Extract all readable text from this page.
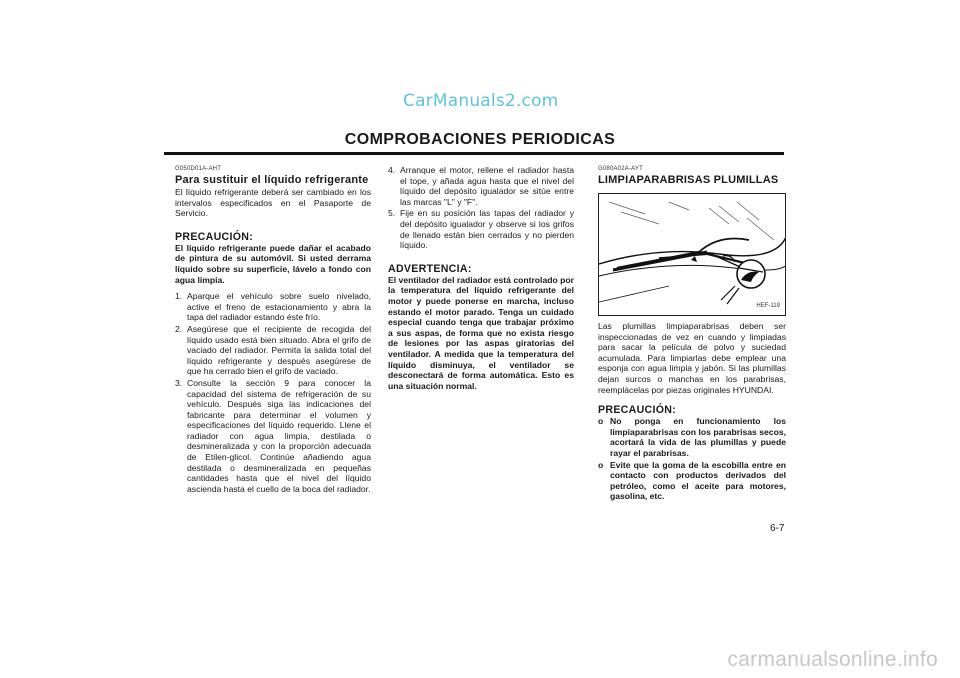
CarManuals2.com
COMPROBACIONES PERIODICAS
G050D01A-AHT
Para sustituir el líquido refrigerante
El líquido refrigerante deberá ser cambiado en los intervalos especificados en el Pasaporte de Servicio.
PRECAUCIÓN:
El líquido refrigerante puede dañar el acabado de pintura de su automóvil. Si usted derrama líquido sobre su superficie, lávelo a fondo con agua limpia.
1. Aparque el vehículo sobre suelo nivelado, active el freno de estacionamiento y abra la tapa del radiador estando éste frío.
2. Asegúrese que el recipiente de recogida del líquido usado está bien situado. Abra el grifo de vaciado del radiador. Permita la salida total del líquido refrigerante y después asegúrese de que ha cerrado bien el grifo de vaciado.
3. Consulte la sección 9 para conocer la capacidad del sistema de refrigeración de su vehículo. Después siga las indicaciones del fabricante para determinar el volumen y especificaciones del líquido requerido. Llene el radiador con agua limpia, destilada o desmineralizada y con la proporción adecuada de Etilen-glicol. Continúe añadiendo agua destilada o desmineralizada en pequeñas cantidades hasta que el nivel del líquido ascienda hasta el cuello de la boca del radiador.
4. Arranque el motor, rellene el radiador hasta el tope, y añada agua hasta que el nivel del líquido del depósito igualador se sitúe entre las marcas "L" y "F".
5. Fije en su posición las tapas del radiador y del depósito igualador y observe si los grifos de llenado están bien cerrados y no pierden líquido.
ADVERTENCIA:
El ventilador del radiador está controlado por la temperatura del líquido refrigerante del motor y puede ponerse en marcha, incluso estando el motor parado. Tenga un cuidado especial cuando tenga que trabajar próximo a sus aspas, de forma que no exista riesgo de lesiones por las aspas giratorias del ventilador. A medida que la temperatura del líquido disminuya, el ventilador se desconectará de forma automática. Esto es una situación normal.
G080A02A-AYT
LIMPIAPARABRISAS PLUMILLAS
HEF-119
Las plumillas limpiaparabrisas deben ser inspeccionadas de vez en cuando y limpiadas para sacar la película de polvo y suciedad acumulada. Para limpiarlas debe emplear una esponja con agua limpia y jabón. Si las plumillas dejan surcos o manchas en los parabrisas, reemplácelas por piezas originales HYUNDAI.
PRECAUCIÓN:
o No ponga en funcionamiento los limpiaparabrisas con los parabrisas secos, acortará la vida de las plumillas y puede rayar el parabrisas.
o Evite que la goma de la escobilla entre en contacto con productos derivados del petróleo, como el aceite para motores, gasolina, etc.
6-7
carmanualsonline.info
